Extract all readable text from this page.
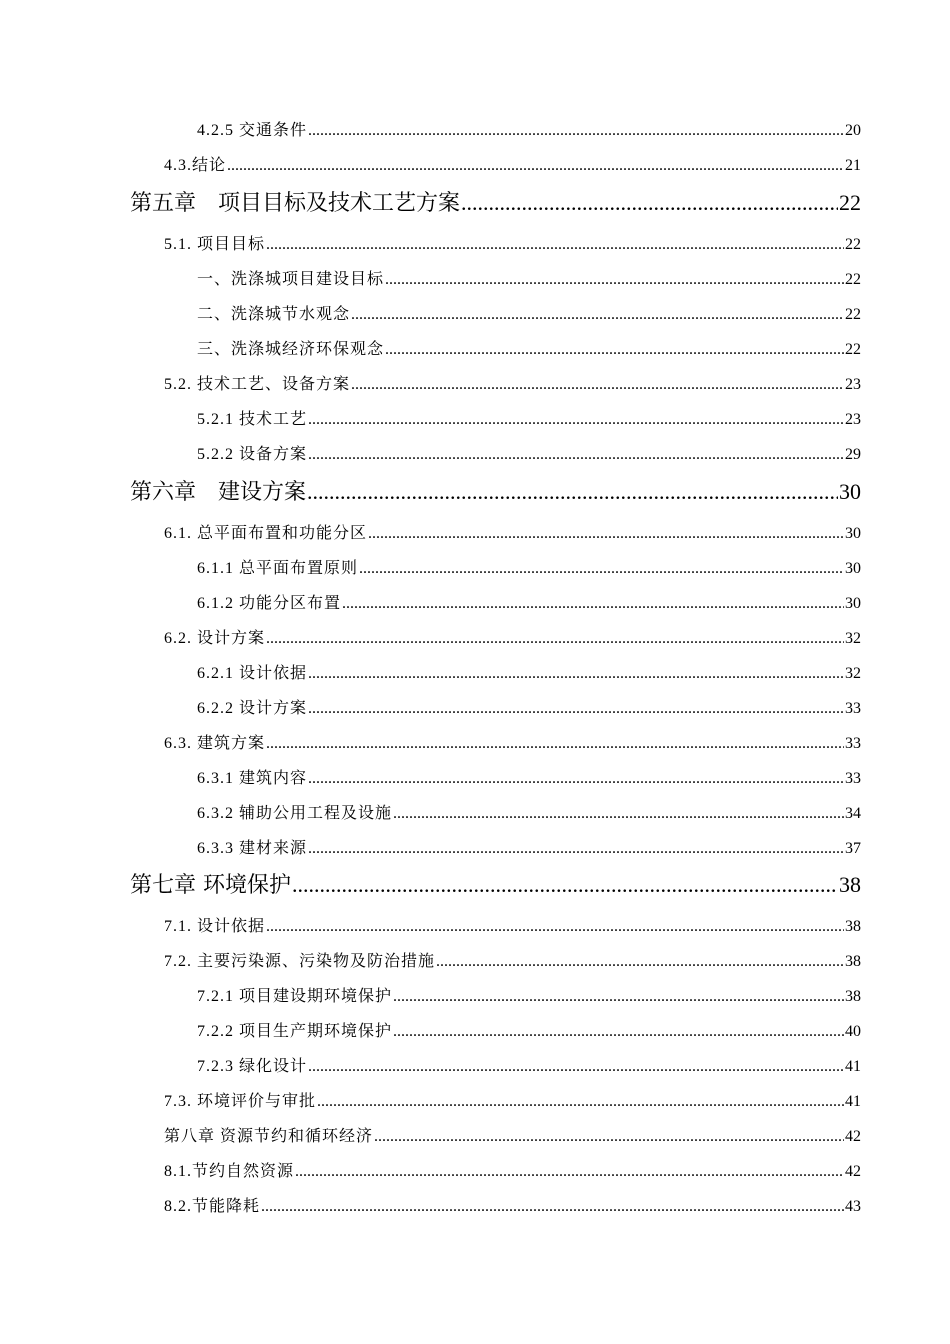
4.2.5 交通条件 .....	20
4.3.结论 .....	21
第五章　项目目标及技术工艺方案 .....	22
5.1. 项目目标 .....	22
一、洗涤城项目建设目标 .....	22
二、洗涤城节水观念 .....	22
三、洗涤城经济环保观念 .....	22
5.2. 技术工艺、设备方案 .....	23
5.2.1 技术工艺 .....	23
5.2.2 设备方案 .....	29
第六章　建设方案 .....	30
6.1. 总平面布置和功能分区 .....	30
6.1.1 总平面布置原则 .....	30
6.1.2 功能分区布置 .....	30
6.2. 设计方案 .....	32
6.2.1 设计依据 .....	32
6.2.2 设计方案 .....	33
6.3. 建筑方案 .....	33
6.3.1 建筑内容 .....	33
6.3.2 辅助公用工程及设施 .....	34
6.3.3 建材来源 .....	37
第七章 环境保护 .....	38
7.1. 设计依据 .....	38
7.2. 主要污染源、污染物及防治措施 .....	38
7.2.1 项目建设期环境保护 .....	38
7.2.2 项目生产期环境保护 .....	40
7.2.3 绿化设计 .....	41
7.3. 环境评价与审批 .....	41
第八章 资源节约和循环经济 .....	42
8.1.节约自然资源 .....	42
8.2.节能降耗 .....	43
